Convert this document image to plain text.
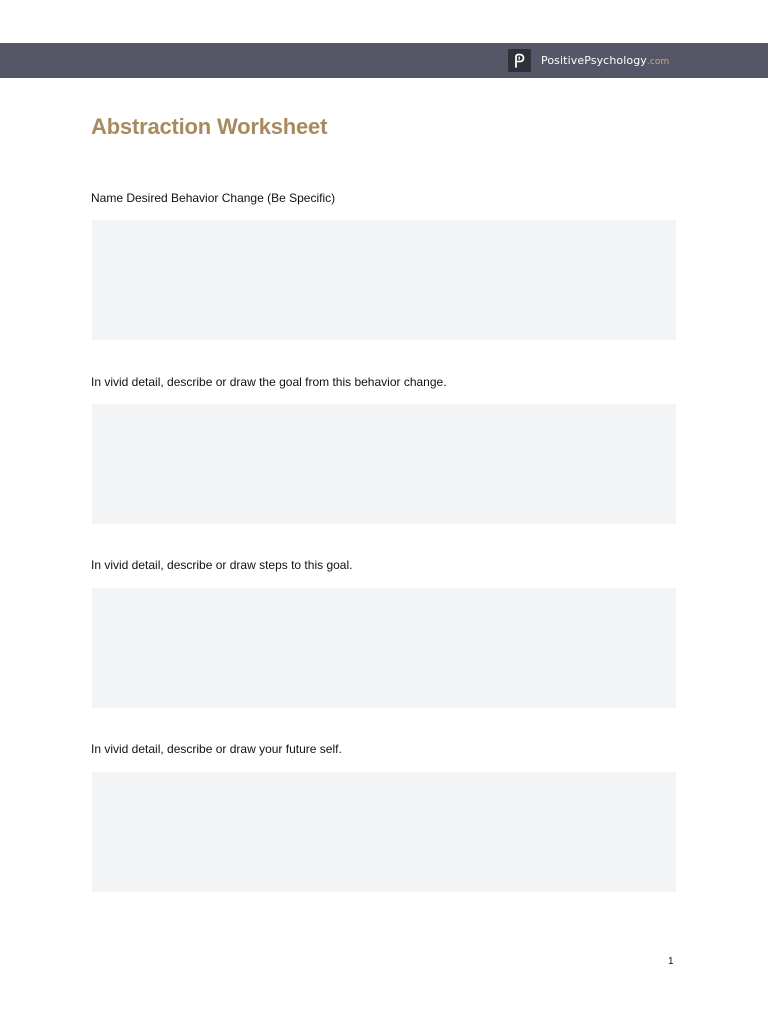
PositivePsychology.com
Abstraction Worksheet

Name Desired Behavior Change (Be Specific)

In vivid detail, describe or draw the goal from this behavior change.

In vivid detail, describe or draw steps to this goal.

In vivid detail, describe or draw your future self.

1
